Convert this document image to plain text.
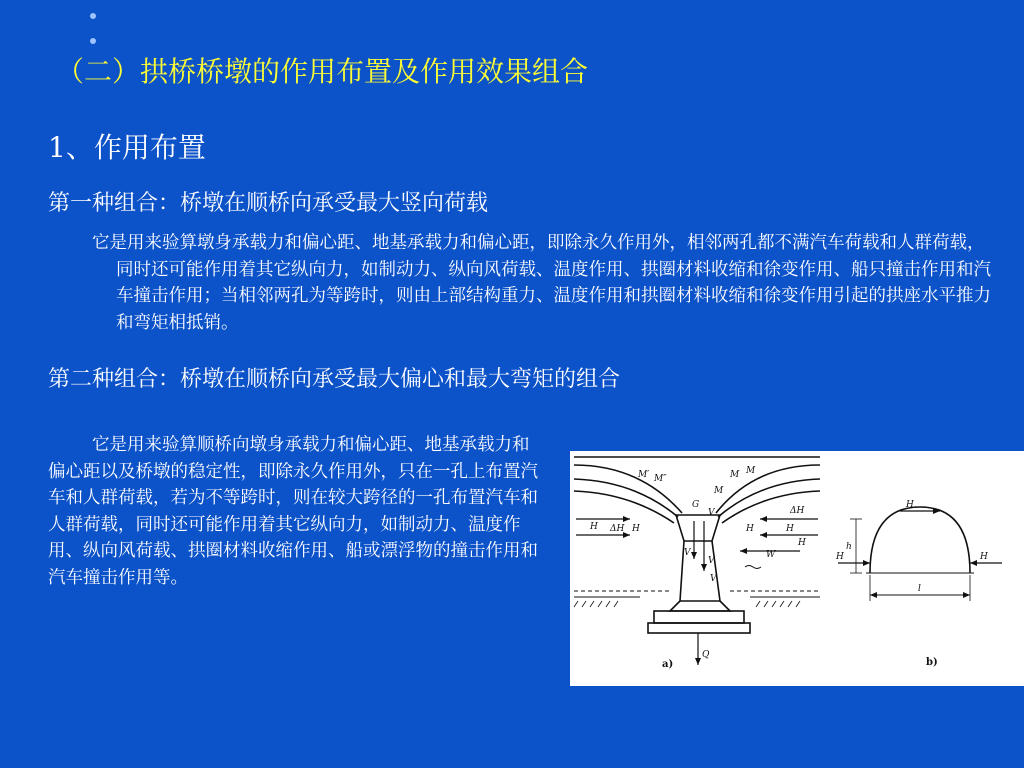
（二）拱桥桥墩的作用布置及作用效果组合
1、作用布置
第一种组合：桥墩在顺桥向承受最大竖向荷载

它是用来验算墩身承载力和偏心距、地基承载力和偏心距，即除永久作用外，相邻两孔都不满汽车荷载和人群荷载，同时还可能作用着其它纵向力，如制动力、纵向风荷载、温度作用、拱圈材料收缩和徐变作用、船只撞击作用和汽车撞击作用；当相邻两孔为等跨时，则由上部结构重力、温度作用和拱圈材料收缩和徐变作用引起的拱座水平推力和弯矩相抵销。

第二种组合：桥墩在顺桥向承受最大偏心和最大弯矩的组合

它是用来验算顺桥向墩身承载力和偏心距、地基承载力和偏心距以及桥墩的稳定性，即除永久作用外，只在一孔上布置汽车和人群荷载，若为不等跨时，则在较大跨径的一孔布置汽车和人群荷载，同时还可能作用着其它纵向力，如制动力、温度作用、纵向风荷载、拱圈材料收缩作用、船或漂浮物的撞击作用和汽车撞击作用等。

M′ M″	M M
M
G
V
V
V
V
H	H	H	H
H
ΔH
ΔH
W
Q
H
h
H	H
l
a)	b)
